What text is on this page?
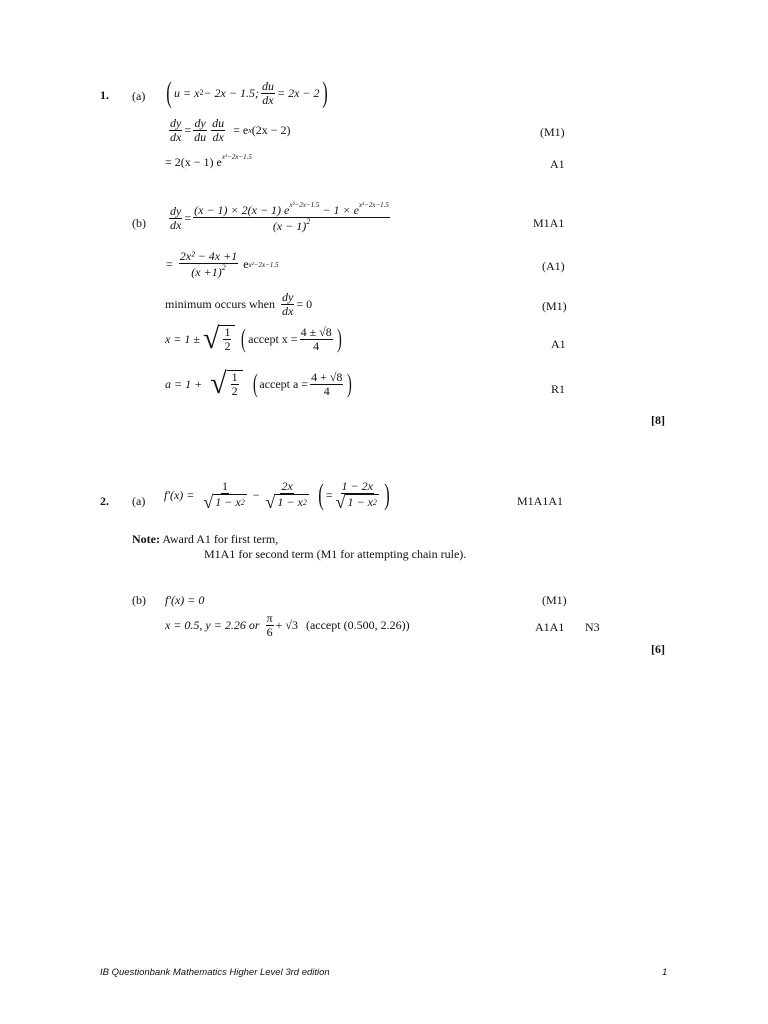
1. (a) ( u = x 2 − 2x − 1.5; $\frac{du}{dx} = 2x - 2$ )
$\frac{dy}{dx} = \frac{dy}{du} \frac{du}{dx} = e$ x (2x − 2)	(M1)
= 2(x − 1) $e^{x^2-2x-1.5}$	A1
$(b) \frac{dy}{dx} = \frac{(x - 1) \times 2(x - 1) e^{x^2-2x-1.5} - 1 \times e^{x^2-2x-1.5}}{(x - 1)^2}$	M1A1
= $\frac{\text{2x² − 4x +1}}{(x +1)^2}$ e x²−2x−1.5	(A1)
minimum occurs when $\frac{dy}{dx} = 0$	(M1)
x = 1 ± √ $\frac{1}{2}$ ( accept $x = \frac{4 \pm √8}{4}$ )	A1
a = 1 + √ $\frac{1}{2}$ ( accept $a = \frac{4 + √8}{4}$ )	R1
[8]
2. (a) $f'(x) = \frac{1}{√ 1 - x 2} - \frac{2x}{√ 1 - x 2}$ ( = $\frac{1 - 2x}{√ 1 - x 2}$ )	M1A1A1
Note: Award A1 for first term,
M1A1 for second term (M1 for attempting chain rule).
(b) f′(x) = 0	(M1)
x = 0.5, y = 2.26 or $\frac{\pi}{6} + √3$ (accept (0.500, 2.26))	A1A1 N3
[6]
IB Questionbank Mathematics Higher Level 3rd edition	1
